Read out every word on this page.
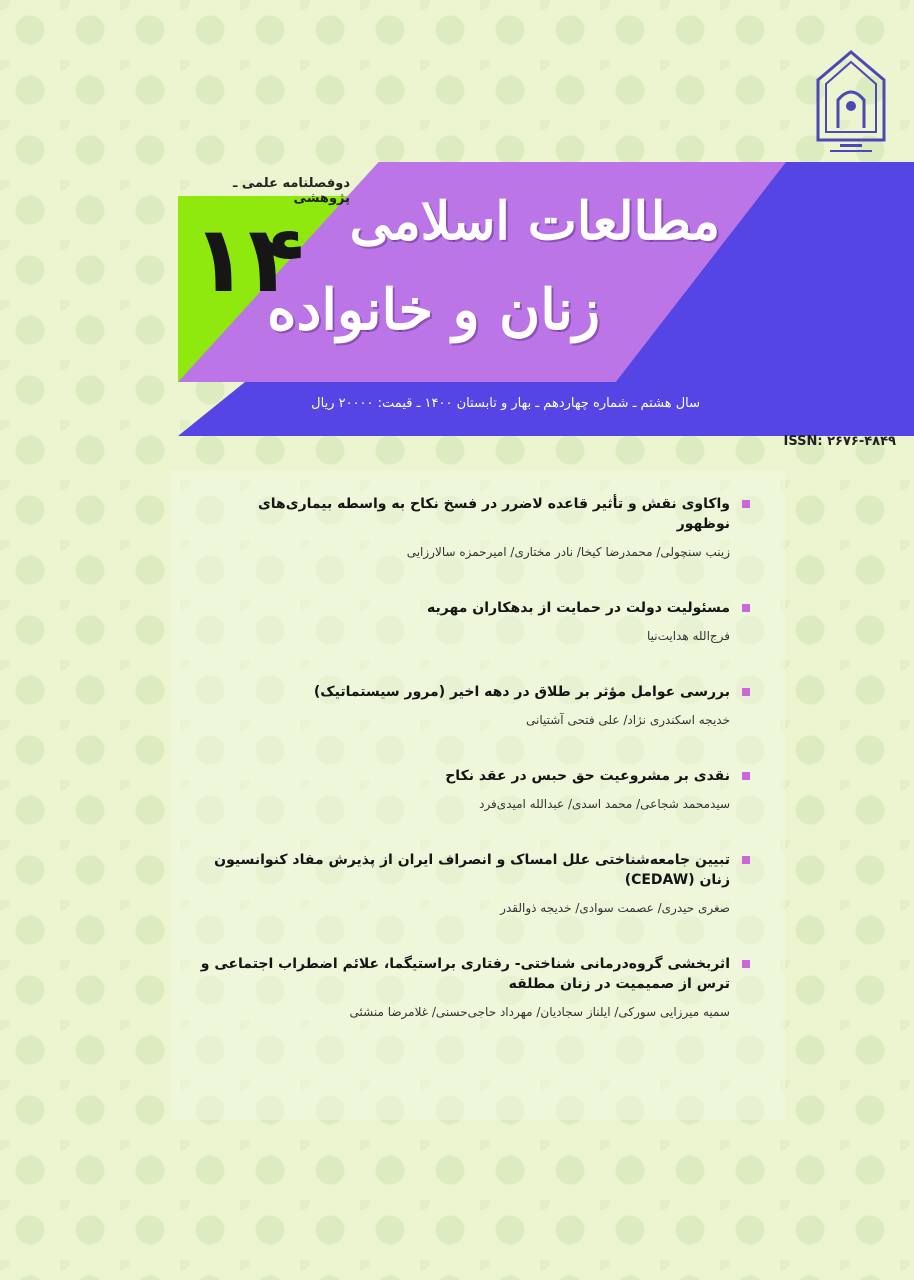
دوفصلنامه علمی ـ پژوهشی
۱۴ مطالعات اسلامی
زنان و خانواده
سال هشتم ـ شماره چهاردهم ـ بهار و تابستان ۱۴۰۰ ـ قیمت: ۲۰۰۰۰ ریال
ISSN: ۲۶۷۶-۴۸۴۹
واکاوی نقش و تأثیر قاعده لاضرر در فسخ نکاح به واسطه بیماری‌های نوظهور
زینب سنچولی/ محمدرضا کیخا/ نادر مختاری/ امیرحمزه سالارزایی
مسئولیت دولت در حمایت از بدهکاران مهریه
فرج‌الله هدایت‌نیا
بررسی عوامل مؤثر بر طلاق در دهه اخیر (مرور سیستماتیک)
خدیجه اسکندری نژاد/ علی فتحی آشتیانی
نقدی بر مشروعیت حق حبس در عقد نکاح
سیدمحمد شجاعی/ محمد اسدی/ عبدالله امیدی‌فرد
تبیین جامعه‌شناختی علل امساک و انصراف ایران از پذیرش مفاد کنوانسیون زنان (CEDAW)
صغری حیدری/ عصمت سوادی/ خدیجه ذوالقدر
اثربخشی گروه‌درمانی شناختی- رفتاری براستیگما، علائم اضطراب اجتماعی و ترس از صمیمیت در زنان مطلقه
سمیه میرزایی سورکی/ ایلناز سجادیان/ مهرداد حاجی‌حسنی/ غلامرضا منشئی
